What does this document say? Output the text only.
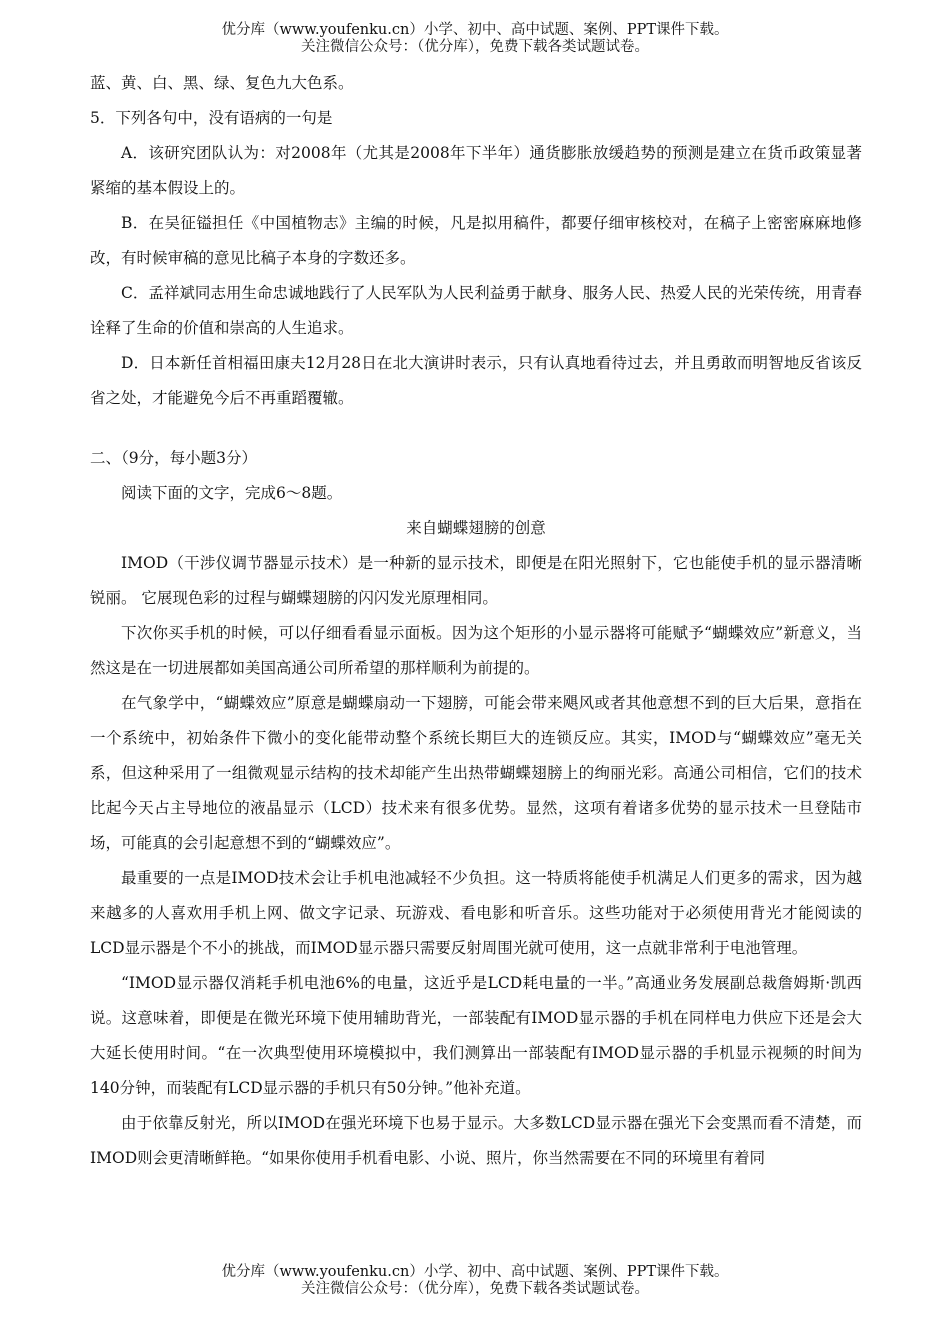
优分库（www.youfenku.cn）小学、初中、高中试题、案例、PPT课件下载。
关注微信公众号：（优分库），免费下载各类试题试卷。

蓝、黄、白、黑、绿、复色九大色系。

5．下列各句中，没有语病的一句是

A．该研究团队认为：对2008年（尤其是2008年下半年）通货膨胀放缓趋势的预测是建立在货币政策显著紧缩的基本假设上的。

B．在吴征镒担任《中国植物志》主编的时候，凡是拟用稿件，都要仔细审核校对，在稿子上密密麻麻地修改，有时候审稿的意见比稿子本身的字数还多。

C．孟祥斌同志用生命忠诚地践行了人民军队为人民利益勇于献身、服务人民、热爱人民的光荣传统，用青春诠释了生命的价值和崇高的人生追求。

D．日本新任首相福田康夫12月28日在北大演讲时表示，只有认真地看待过去，并且勇敢而明智地反省该反省之处，才能避免今后不再重蹈覆辙。

二、（9分，每小题3分）

阅读下面的文字，完成6～8题。

来自蝴蝶翅膀的创意

IMOD（干涉仪调节器显示技术）是一种新的显示技术，即便是在阳光照射下，它也能使手机的显示器清晰锐丽。 它展现色彩的过程与蝴蝶翅膀的闪闪发光原理相同。

下次你买手机的时候，可以仔细看看显示面板。因为这个矩形的小显示器将可能赋予“蝴蝶效应”新意义，当然这是在一切进展都如美国高通公司所希望的那样顺利为前提的。

在气象学中，“蝴蝶效应”原意是蝴蝶扇动一下翅膀，可能会带来飓风或者其他意想不到的巨大后果，意指在一个系统中，初始条件下微小的变化能带动整个系统长期巨大的连锁反应。其实，IMOD与“蝴蝶效应”毫无关系，但这种采用了一组微观显示结构的技术却能产生出热带蝴蝶翅膀上的绚丽光彩。高通公司相信，它们的技术比起今天占主导地位的液晶显示（LCD）技术来有很多优势。显然，这项有着诸多优势的显示技术一旦登陆市场，可能真的会引起意想不到的“蝴蝶效应”。

最重要的一点是IMOD技术会让手机电池减轻不少负担。这一特质将能使手机满足人们更多的需求，因为越来越多的人喜欢用手机上网、做文字记录、玩游戏、看电影和听音乐。这些功能对于必须使用背光才能阅读的LCD显示器是个不小的挑战，而IMOD显示器只需要反射周围光就可使用，这一点就非常利于电池管理。

“IMOD显示器仅消耗手机电池6%的电量，这近乎是LCD耗电量的一半。”高通业务发展副总裁詹姆斯·凯西说。这意味着，即便是在微光环境下使用辅助背光，一部装配有IMOD显示器的手机在同样电力供应下还是会大大延长使用时间。“在一次典型使用环境模拟中，我们测算出一部装配有IMOD显示器的手机显示视频的时间为140分钟，而装配有LCD显示器的手机只有50分钟。”他补充道。

由于依靠反射光，所以IMOD在强光环境下也易于显示。大多数LCD显示器在强光下会变黑而看不清楚，而IMOD则会更清晰鲜艳。“如果你使用手机看电影、小说、照片，你当然需要在不同的环境里有着同

优分库（www.youfenku.cn）小学、初中、高中试题、案例、PPT课件下载。
关注微信公众号：（优分库），免费下载各类试题试卷。
